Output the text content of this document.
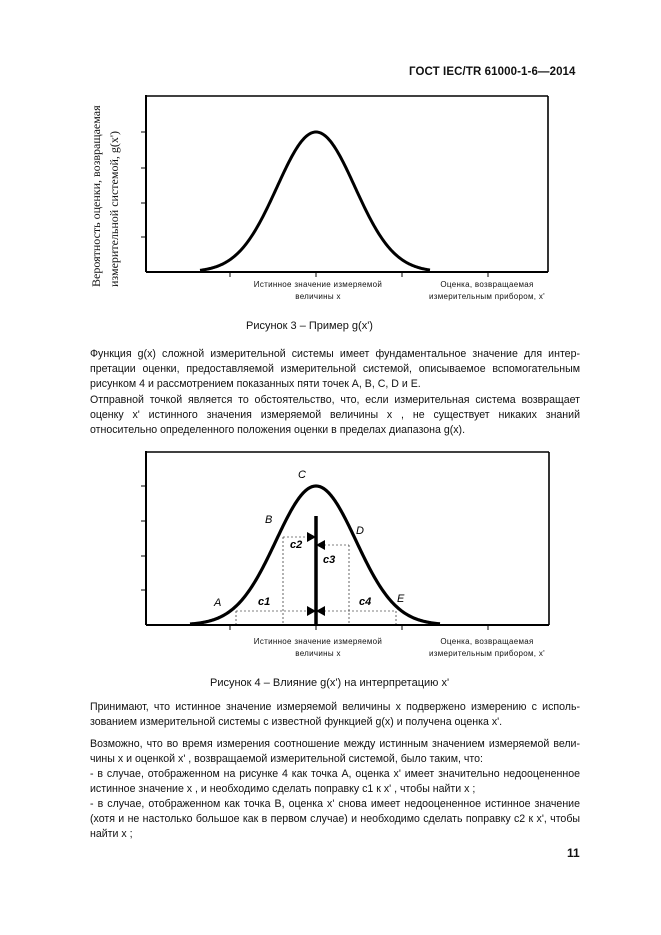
ГОСТ IEC/TR 61000-1-6—2014
Вероятность оценки, возвращаемая измерительной системой, g(x')	Истинное значение измеряемой
величины x
Оценка, возвращаемая
измерительным прибором, x'
Рисунок 3 – Пример g(x')

Функция g(x) сложной измерительной системы имеет фундаментальное значение для интерпретации оценки, предоставляемой измерительной системой, описываемое вспомогательным рисунком 4 и рассмотрением показанных пяти точек A, B, C, D и E.

Отправной точкой является то обстоятельство, что, если измерительная система возвращает оценку x' истинного значения измеряемой величины x , не существует никаких знаний относительно определенного положения оценки в пределах диапазона g(x).

A
B
C
D
E
c1
c2
c3
c4
Истинное значение измеряемой
величины x
Оценка, возвращаемая
измерительным прибором, x'
Рисунок 4 – Влияние g(x') на интерпретацию x'

Принимают, что истинное значение измеряемой величины x подвержено измерению с использованием измерительной системы с известной функцией g(x) и получена оценка x'.

Возможно, что во время измерения соотношение между истинным значением измеряемой величины x и оценкой x' , возвращаемой измерительной системой, было таким, что:

- в случае, отображенном на рисунке 4 как точка A, оценка x' имеет значительно недооцененное истинное значение x , и необходимо сделать поправку c1 к x' , чтобы найти x ;

- в случае, отображенном как точка B, оценка x' снова имеет недооцененное истинное значение (хотя и не настолько большое как в первом случае) и необходимо сделать поправку c2 к x', чтобы найти x ;

11
